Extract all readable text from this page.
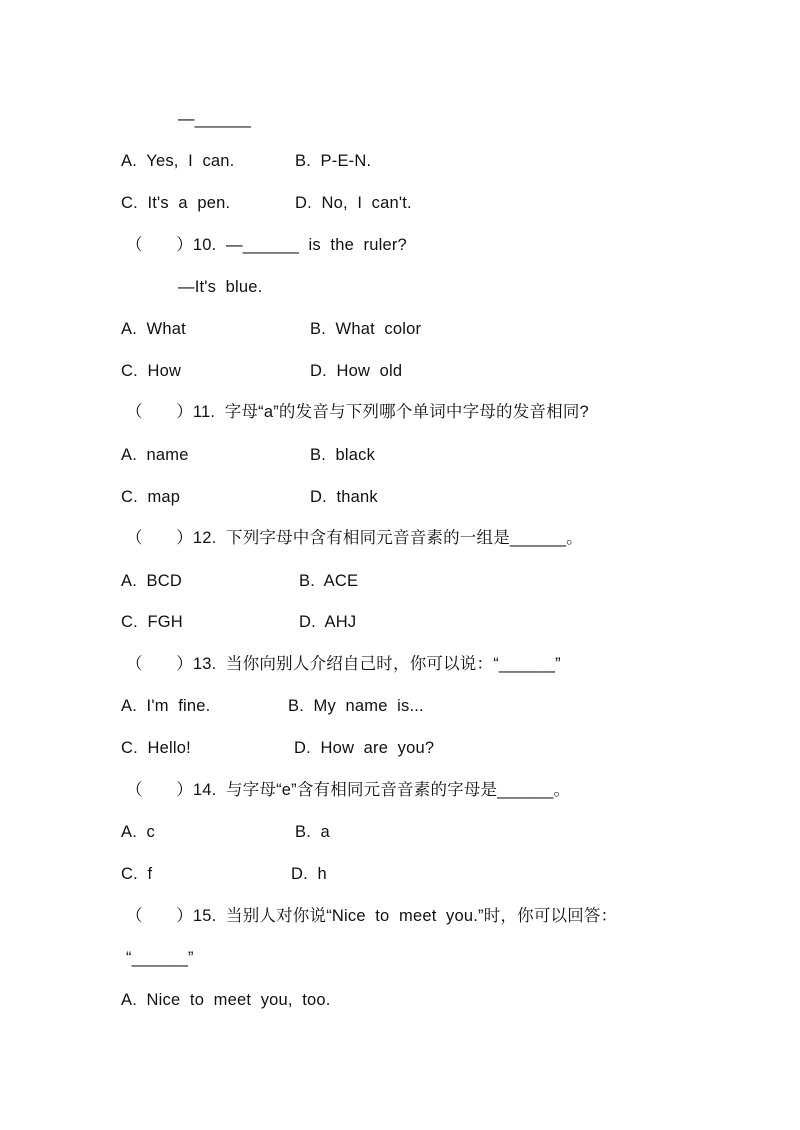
—______
A.  Yes,  I  can.	B.  P-E-N.
C.  It's  a  pen.	D.  No,  I  can't.
（       ）10.  —______  is  the  ruler?
—It's  blue.
A.  What	B.  What  color
C.  How	D.  How  old
（       ）11.  字母“a”的发音与下列哪个单词中字母的发音相同?
A.  name	B.  black
C.  map	D.  thank
（       ）12.  下列字母中含有相同元音音素的一组是______。
A.  BCD	B.  ACE
C.  FGH	D.  AHJ
（       ）13.  当你向别人介绍自己时，你可以说：“______”
A.  I'm  fine.	B.  My  name  is...
C.  Hello!	D.  How  are  you?
（       ）14.  与字母“e”含有相同元音音素的字母是______。
A.  c	B.  a
C.  f	D.  h
（       ）15.  当别人对你说“Nice  to  meet  you.”时，你可以回答：
“______”
A.  Nice  to  meet  you,  too.
